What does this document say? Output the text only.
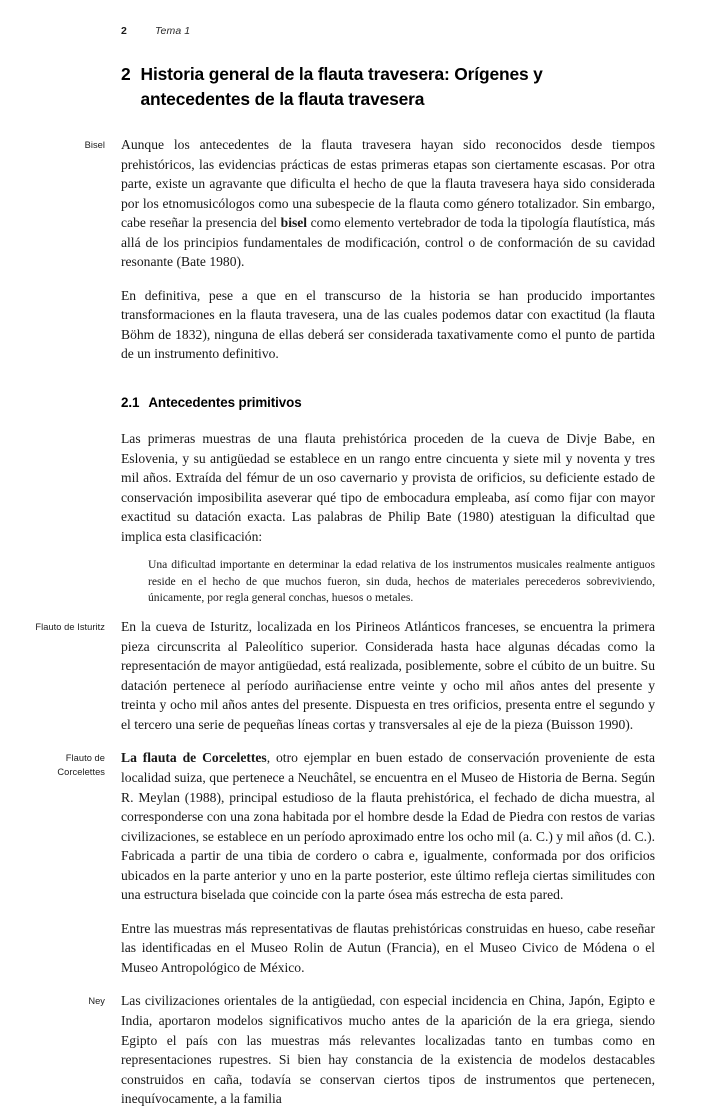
2	Tema 1
2 Historia general de la flauta travesera: Orígenes y antecedentes de la flauta travesera
Bisel Aunque los antecedentes de la flauta travesera hayan sido reconocidos desde tiempos prehistóricos, las evidencias prácticas de estas primeras etapas son ciertamente escasas. Por otra parte, existe un agravante que dificulta el hecho de que la flauta travesera haya sido considerada por los etnomusicólogos como una subespecie de la flauta como género totalizador. Sin embargo, cabe reseñar la presencia del bisel como elemento vertebrador de toda la tipología flautística, más allá de los principios fundamentales de modificación, control o de conformación de su cavidad resonante (Bate 1980).

En definitiva, pese a que en el transcurso de la historia se han producido importantes transformaciones en la flauta travesera, una de las cuales podemos datar con exactitud (la flauta Böhm de 1832), ninguna de ellas deberá ser considerada taxativamente como el punto de partida de un instrumento definitivo.

2.1 Antecedentes primitivos

Las primeras muestras de una flauta prehistórica proceden de la cueva de Divje Babe, en Eslovenia, y su antigüedad se establece en un rango entre cincuenta y siete mil y noventa y tres mil años. Extraída del fémur de un oso cavernario y provista de orificios, su deficiente estado de conservación imposibilita aseverar qué tipo de embocadura empleaba, así como fijar con mayor exactitud su datación exacta. Las palabras de Philip Bate (1980) atestiguan la dificultad que implica esta clasificación:

Una dificultad importante en determinar la edad relativa de los instrumentos musicales realmente antiguos reside en el hecho de que muchos fueron, sin duda, hechos de materiales perecederos sobreviviendo, únicamente, por regla general conchas, huesos o metales.
Flauto de Isturitz En la cueva de Isturitz, localizada en los Pirineos Atlánticos franceses, se encuentra la primera pieza circunscrita al Paleolítico superior. Considerada hasta hace algunas décadas como la representación de mayor antigüedad, está realizada, posiblemente, sobre el cúbito de un buitre. Su datación pertenece al período auriñaciense entre veinte y ocho mil años antes del presente y treinta y ocho mil años antes del presente. Dispuesta en tres orificios, presenta entre el segundo y el tercero una serie de pequeñas líneas cortas y transversales al eje de la pieza (Buisson 1990).

Flauto de
Corcelettes

La flauta de Corcelettes, otro ejemplar en buen estado de conservación proveniente de esta localidad suiza, que pertenece a Neuchâtel, se encuentra en el Museo de Historia de Berna. Según R. Meylan (1988), principal estudioso de la flauta prehistórica, el fechado de dicha muestra, al corresponderse con una zona habitada por el hombre desde la Edad de Piedra con restos de varias civilizaciones, se establece en un período aproximado entre los ocho mil (a. C.) y mil años (d. C.). Fabricada a partir de una tibia de cordero o cabra e, igualmente, conformada por dos orificios ubicados en la parte anterior y uno en la parte posterior, este último refleja ciertas similitudes con una estructura biselada que coincide con la parte ósea más estrecha de esta pared.

Entre las muestras más representativas de flautas prehistóricas construidas en hueso, cabe reseñar las identificadas en el Museo Rolin de Autun (Francia), en el Museo Civico de Módena o el Museo Antropológico de México.

Ney Las civilizaciones orientales de la antigüedad, con especial incidencia en China, Japón, Egipto e India, aportaron modelos significativos mucho antes de la aparición de la era griega, siendo Egipto el país con las muestras más relevantes localizadas tanto en tumbas como en representaciones rupestres. Si bien hay constancia de la existencia de modelos destacables construidos en caña, todavía se conservan ciertos tipos de instrumentos que pertenecen, inequívocamente, a la familia
